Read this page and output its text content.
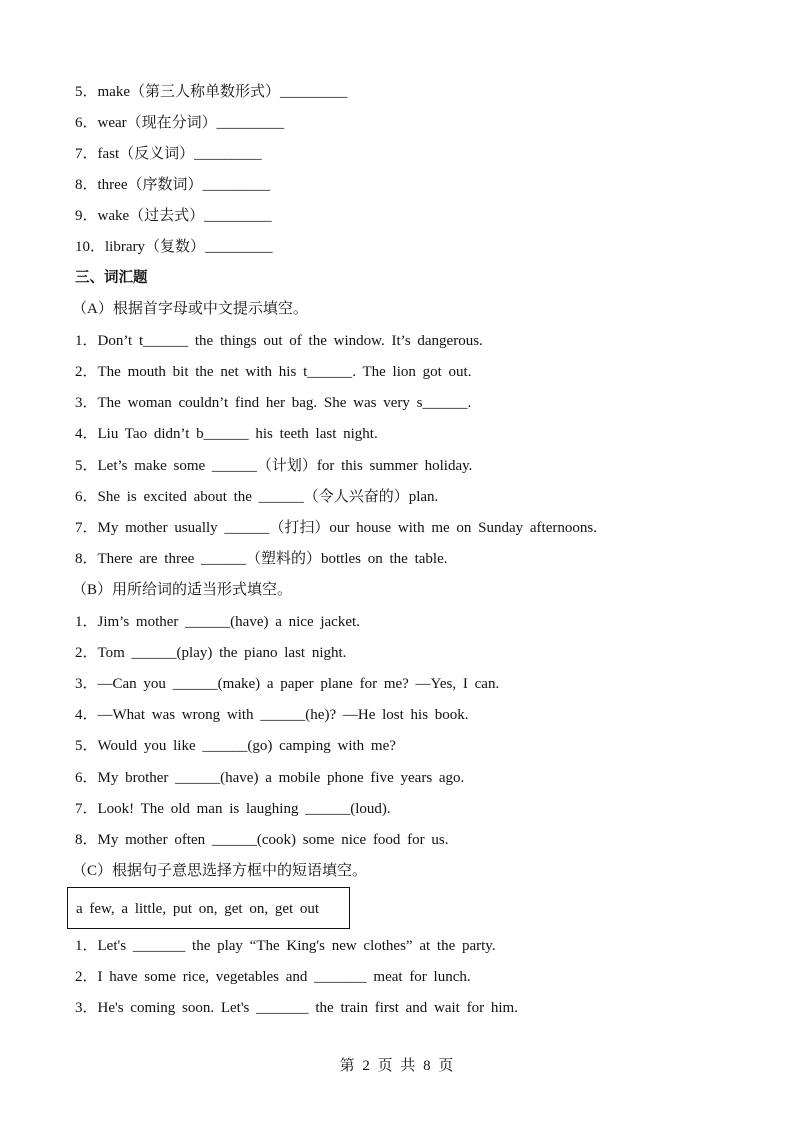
5．make（第三人称单数形式）_________
6．wear（现在分词）_________
7．fast（反义词）_________
8．three（序数词）_________
9．wake（过去式）_________
10．library（复数）_________
三、词汇题
（A）根据首字母或中文提示填空。
1．Don’t t______ the things out of the window. It’s dangerous.
2．The mouth bit the net with his t______. The lion got out.
3．The woman couldn’t find her bag. She was very s______.
4．Liu Tao didn’t b______ his teeth last night.
5．Let’s make some ______（计划）for this summer holiday.
6．She is excited about the ______（令人兴奋的）plan.
7．My mother usually ______（打扫）our house with me on Sunday afternoons.
8．There are three ______（塑料的）bottles on the table.
（B）用所给词的适当形式填空。
1．Jim’s mother ______(have) a nice jacket.
2．Tom ______(play) the piano last night.
3．—Can you ______(make) a paper plane for me? —Yes, I can.
4．—What was wrong with ______(he)? —He lost his book.
5．Would you like ______(go) camping with me?
6．My brother ______(have) a mobile phone five years ago.
7．Look! The old man is laughing ______(loud).
8．My mother often ______(cook) some nice food for us.
（C）根据句子意思选择方框中的短语填空。
a few, a little, put on, get on, get out
1．Let's _______ the play “The King's new clothes” at the party.
2．I have some rice, vegetables and _______ meat for lunch.
3．He's coming soon. Let's _______ the train first and wait for him.
第 2 页 共 8 页
